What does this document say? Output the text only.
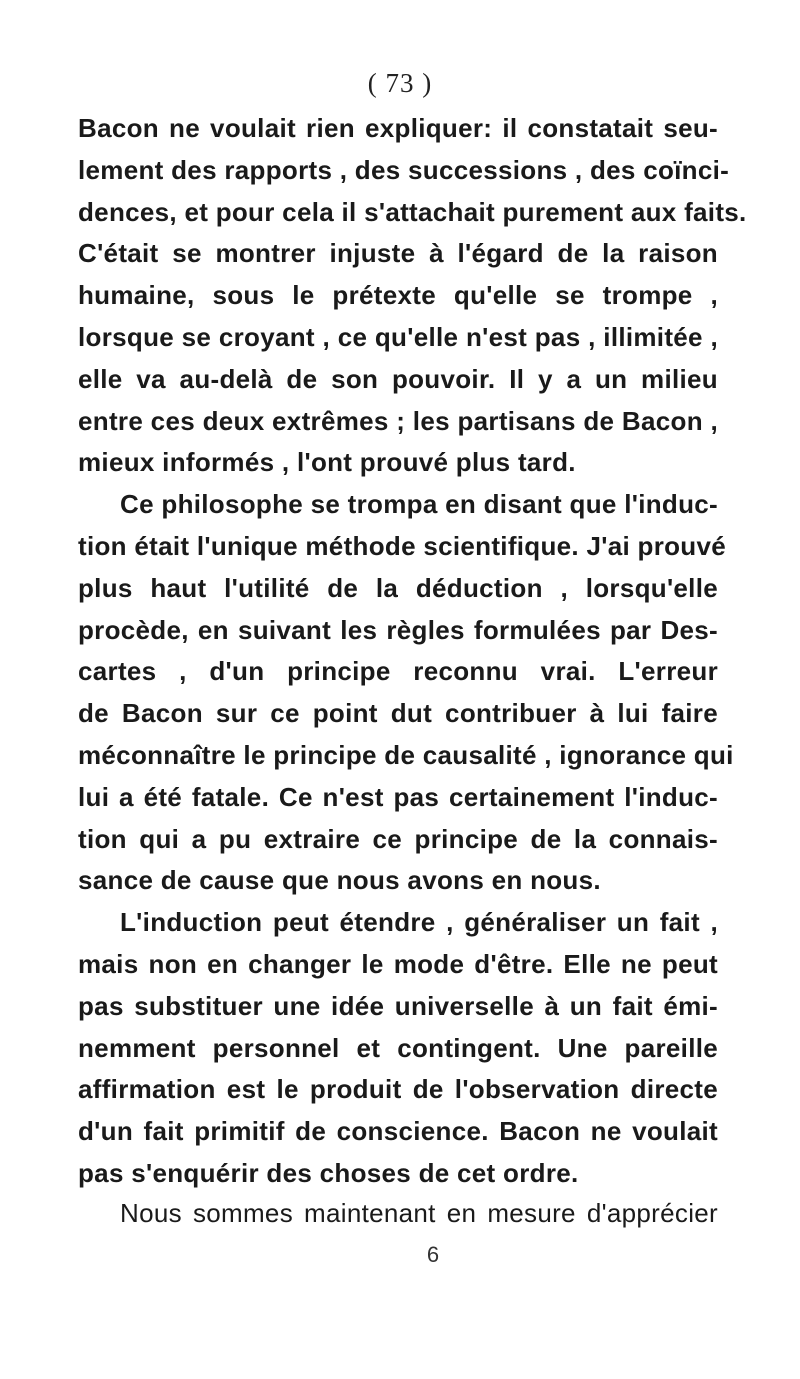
( 73 )
Bacon ne voulait rien expliquer: il constatait seu-
lement des rapports , des successions , des coïnci-
dences, et pour cela il s'attachait purement aux faits.
C'était se montrer injuste à l'égard de la raison
humaine, sous le prétexte qu'elle se trompe ,
lorsque se croyant , ce qu'elle n'est pas , illimitée ,
elle va au-delà de son pouvoir. Il y a un milieu
entre ces deux extrêmes ; les partisans de Bacon ,
mieux informés , l'ont prouvé plus tard.
Ce philosophe se trompa en disant que l'induc-
tion était l'unique méthode scientifique. J'ai prouvé
plus haut l'utilité de la déduction , lorsqu'elle
procède, en suivant les règles formulées par Des-
cartes , d'un principe reconnu vrai. L'erreur
de Bacon sur ce point dut contribuer à lui faire
méconnaître le principe de causalité , ignorance qui
lui a été fatale. Ce n'est pas certainement l'induc-
tion qui a pu extraire ce principe de la connais-
sance de cause que nous avons en nous.
L'induction peut étendre , généraliser un fait ,
mais non en changer le mode d'être. Elle ne peut
pas substituer une idée universelle à un fait émi-
nemment personnel et contingent. Une pareille
affirmation est le produit de l'observation directe
d'un fait primitif de conscience. Bacon ne voulait
pas s'enquérir des choses de cet ordre.
Nous sommes maintenant en mesure d'apprécier
6
